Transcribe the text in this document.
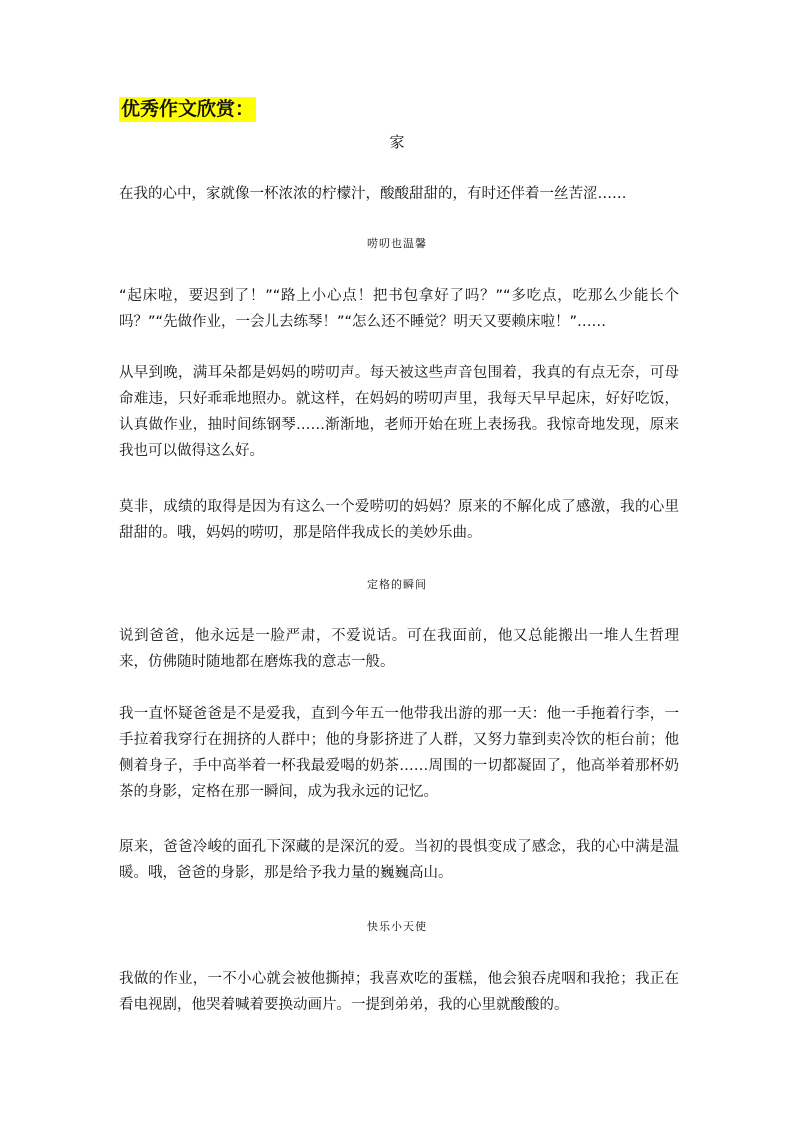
优秀作文欣赏：
家
在我的心中，家就像一杯浓浓的柠檬汁，酸酸甜甜的，有时还伴着一丝苦涩……
唠叨也温馨
“起床啦，要迟到了！”“路上小心点！把书包拿好了吗？”“多吃点，吃那么少能长个吗？”“先做作业，一会儿去练琴！”“怎么还不睡觉？明天又要赖床啦！”……
从早到晚，满耳朵都是妈妈的唠叨声。每天被这些声音包围着，我真的有点无奈，可母命难违，只好乖乖地照办。就这样，在妈妈的唠叨声里，我每天早早起床，好好吃饭，认真做作业，抽时间练钢琴……渐渐地，老师开始在班上表扬我。我惊奇地发现，原来我也可以做得这么好。
莫非，成绩的取得是因为有这么一个爱唠叨的妈妈？原来的不解化成了感激，我的心里甜甜的。哦，妈妈的唠叨，那是陪伴我成长的美妙乐曲。
定格的瞬间
说到爸爸，他永远是一脸严肃，不爱说话。可在我面前，他又总能搬出一堆人生哲理来，仿佛随时随地都在磨炼我的意志一般。
我一直怀疑爸爸是不是爱我，直到今年五一他带我出游的那一天：他一手拖着行李，一手拉着我穿行在拥挤的人群中；他的身影挤进了人群，又努力靠到卖冷饮的柜台前；他侧着身子，手中高举着一杯我最爱喝的奶茶……周围的一切都凝固了，他高举着那杯奶茶的身影，定格在那一瞬间，成为我永远的记忆。
原来，爸爸冷峻的面孔下深藏的是深沉的爱。当初的畏惧变成了感念，我的心中满是温暖。哦，爸爸的身影，那是给予我力量的巍巍高山。
快乐小天使
我做的作业，一不小心就会被他撕掉；我喜欢吃的蛋糕，他会狼吞虎咽和我抢；我正在看电视剧，他哭着喊着要换动画片。一提到弟弟，我的心里就酸酸的。
